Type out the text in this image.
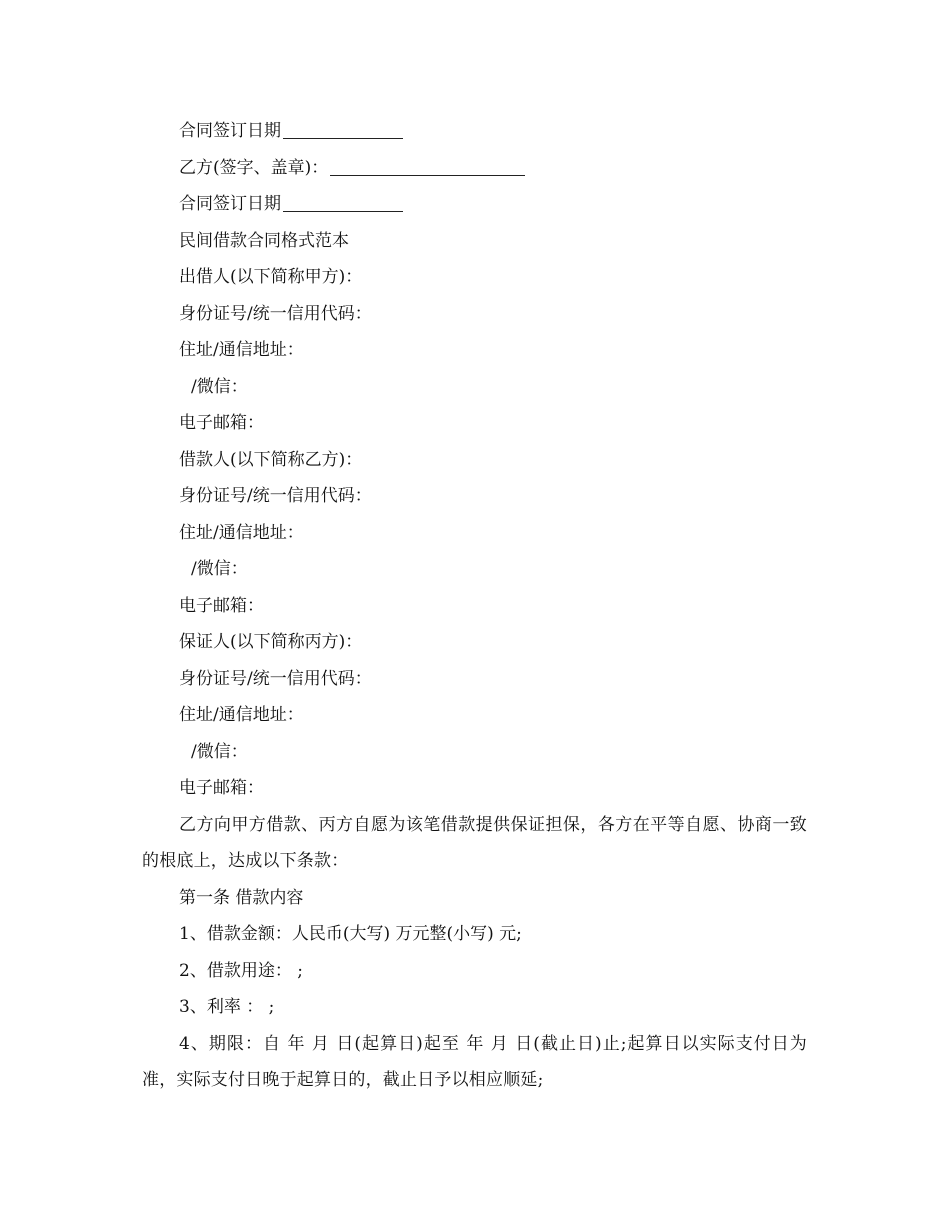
合同签订日期
乙方(签字、盖章)：
合同签订日期
民间借款合同格式范本
出借人(以下简称甲方)：
身份证号/统一信用代码：
住址/通信地址：
/微信：
电子邮箱：
借款人(以下简称乙方)：
身份证号/统一信用代码：
住址/通信地址：
/微信：
电子邮箱：
保证人(以下简称丙方)：
身份证号/统一信用代码：
住址/通信地址：
/微信：
电子邮箱：
乙方向甲方借款、丙方自愿为该笔借款提供保证担保，各方在平等自愿、协商一致的根底上，达成以下条款：
第一条 借款内容
1、借款金额：人民币(大写) 万元整(小写) 元;
2、借款用途： ;
3、利率 ： ;
4、期限：自 年 月 日(起算日)起至 年 月 日(截止日)止;起算日以实际支付日为准，实际支付日晚于起算日的，截止日予以相应顺延;
